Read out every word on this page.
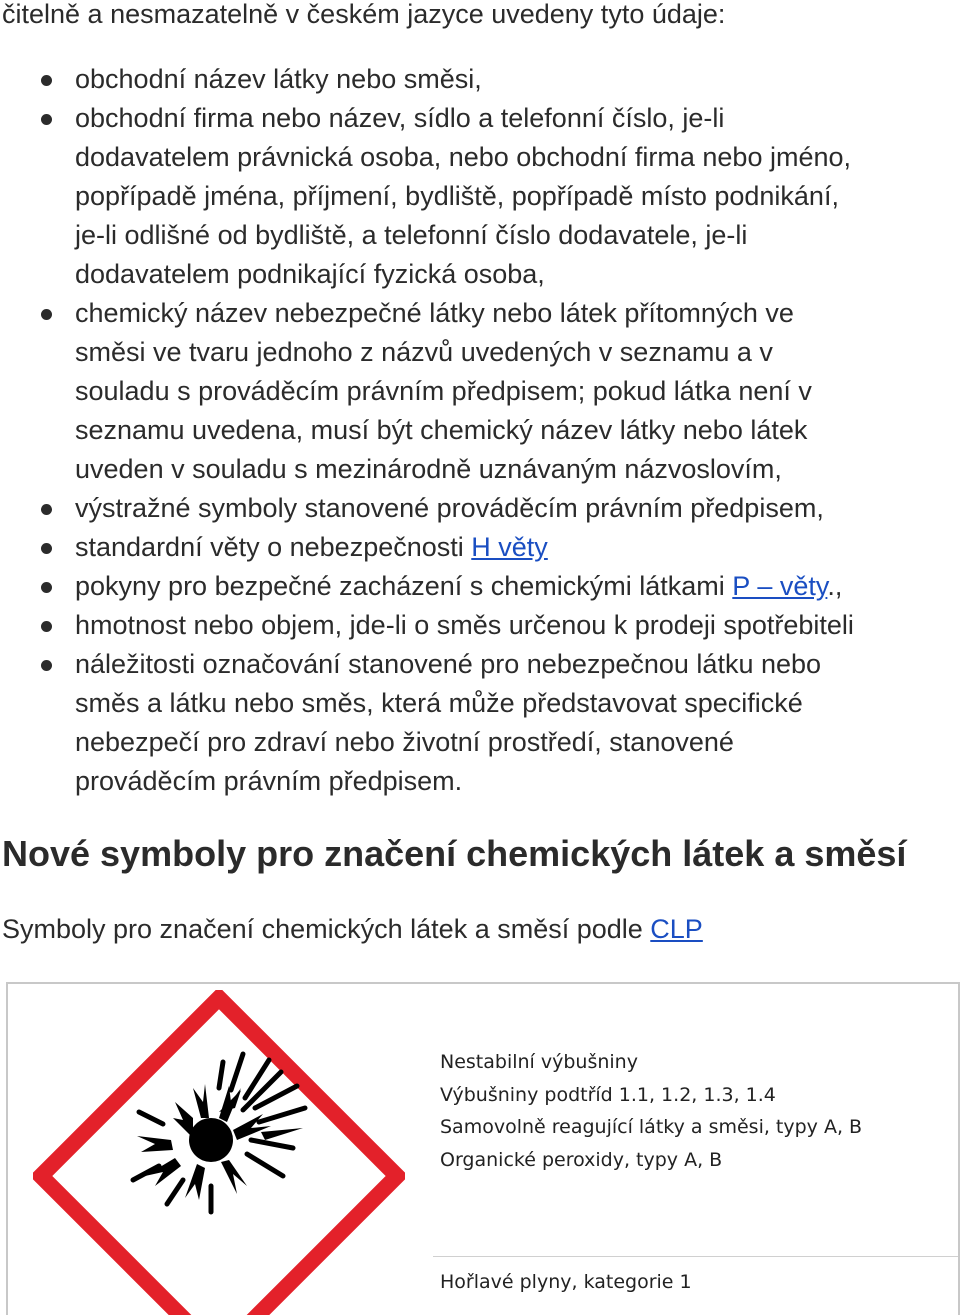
čitelně a nesmazatelně v českém jazyce uvedeny tyto údaje:

obchodní název látky nebo směsi,
obchodní firma nebo název, sídlo a telefonní číslo, je-li
dodavatelem právnická osoba, nebo obchodní firma nebo jméno,
popřípadě jména, příjmení, bydliště, popřípadě místo podnikání,
je-li odlišné od bydliště, a telefonní číslo dodavatele, je-li
dodavatelem podnikající fyzická osoba,
chemický název nebezpečné látky nebo látek přítomných ve
směsi ve tvaru jednoho z názvů uvedených v seznamu a v
souladu s prováděcím právním předpisem; pokud látka není v
seznamu uvedena, musí být chemický název látky nebo látek
uveden v souladu s mezinárodně uznávaným názvoslovím,
výstražné symboly stanovené prováděcím právním předpisem,
standardní věty o nebezpečnosti H věty
pokyny pro bezpečné zacházení s chemickými látkami P – věty.,
hmotnost nebo objem, jde-li o směs určenou k prodeji spotřebiteli
náležitosti označování stanovené pro nebezpečnou látku nebo
směs a látku nebo směs, která může představovat specifické
nebezpečí pro zdraví nebo životní prostředí, stanovené
prováděcím právním předpisem.
Nové symboly pro značení chemických látek a směsí

Symboly pro značení chemických látek a směsí podle CLP

Nestabilní výbušniny
Výbušniny podtříd 1.1, 1.2, 1.3, 1.4
Samovolně reagující látky a směsi, typy A, B
Organické peroxidy, typy A, B
Hořlavé plyny, kategorie 1
